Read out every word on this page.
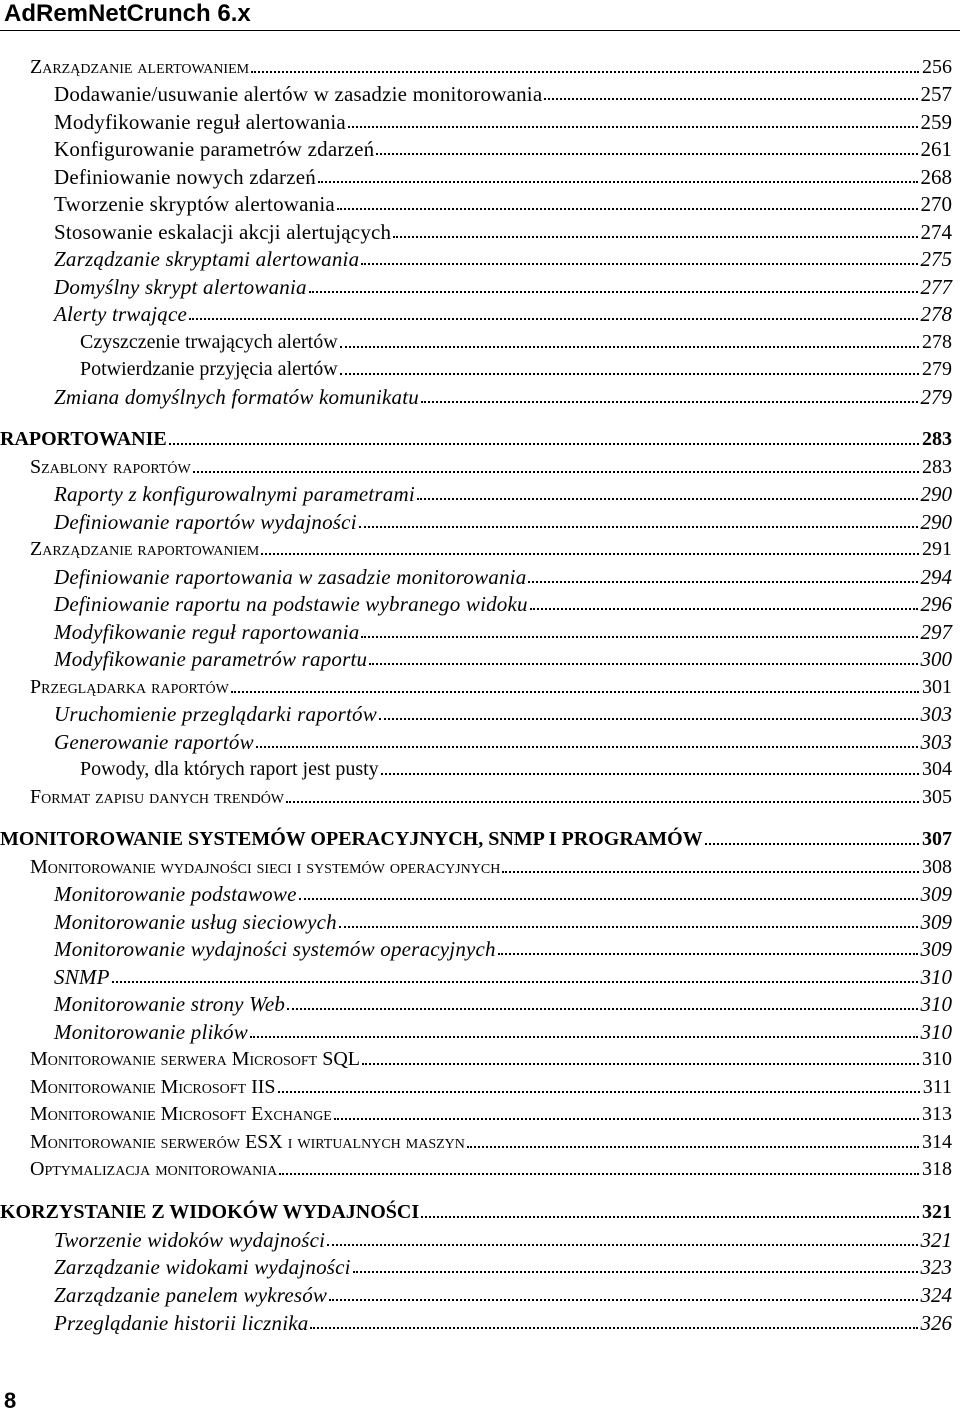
AdRemNetCrunch 6.x
Zarządzanie alertowaniem	256
Dodawanie/usuwanie alertów w zasadzie monitorowania	257
Modyfikowanie reguł alertowania	259
Konfigurowanie parametrów zdarzeń	261
Definiowanie nowych zdarzeń	268
Tworzenie skryptów alertowania	270
Stosowanie eskalacji akcji alertujących	274
Zarządzanie skryptami alertowania	275
Domyślny skrypt alertowania	277
Alerty trwające	278
Czyszczenie trwających alertów	278
Potwierdzanie przyjęcia alertów	279
Zmiana domyślnych formatów komunikatu	279
RAPORTOWANIE	283
Szablony raportów	283
Raporty z konfigurowalnymi parametrami	290
Definiowanie raportów wydajności	290
Zarządzanie raportowaniem	291
Definiowanie raportowania w zasadzie monitorowania	294
Definiowanie raportu na podstawie wybranego widoku	296
Modyfikowanie reguł raportowania	297
Modyfikowanie parametrów raportu	300
Przeglądarka raportów	301
Uruchomienie przeglądarki raportów	303
Generowanie raportów	303
Powody, dla których raport jest pusty	304
Format zapisu danych trendów	305
MONITOROWANIE SYSTEMÓW OPERACYJNYCH, SNMP I PROGRAMÓW	307
Monitorowanie wydajności sieci i systemów operacyjnych	308
Monitorowanie podstawowe	309
Monitorowanie usług sieciowych	309
Monitorowanie wydajności systemów operacyjnych	309
SNMP	310
Monitorowanie strony Web	310
Monitorowanie plików	310
Monitorowanie serwera Microsoft SQL	310
Monitorowanie Microsoft IIS	311
Monitorowanie Microsoft Exchange	313
Monitorowanie serwerów ESX i wirtualnych maszyn	314
Optymalizacja monitorowania	318
KORZYSTANIE Z WIDOKÓW WYDAJNOŚCI	321
Tworzenie widoków wydajności	321
Zarządzanie widokami wydajności	323
Zarządzanie panelem wykresów	324
Przeglądanie historii licznika	326
8
